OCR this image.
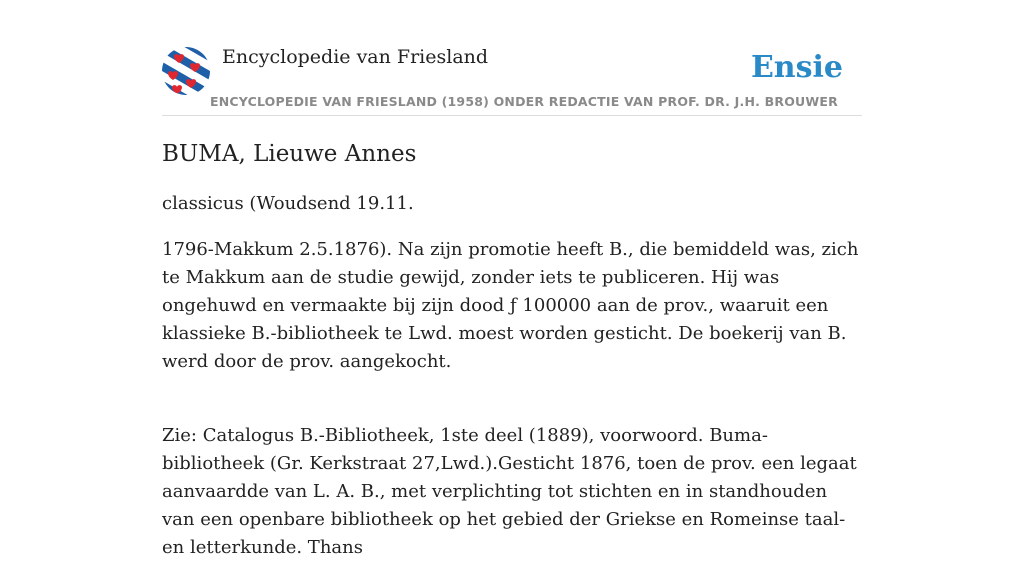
Encyclopedie van Friesland
ENCYCLOPEDIE VAN FRIESLAND (1958) ONDER REDACTIE VAN PROF. DR. J.H. BROUWER
Ensie
BUMA, Lieuwe Annes

classicus (Woudsend 19.11.

1796-Makkum 2.5.1876). Na zijn promotie heeft B., die bemiddeld was, zich te Makkum aan de studie gewijd, zonder iets te publiceren. Hij was ongehuwd en vermaakte bij zijn dood ƒ 100000 aan de prov., waaruit een klassieke B.-bibliotheek te Lwd. moest worden gesticht. De boekerij van B. werd door de prov. aangekocht.

Zie: Catalogus B.-Bibliotheek, 1ste deel (1889), voorwoord. Buma-bibliotheek (Gr. Kerkstraat 27,Lwd.).Gesticht 1876, toen de prov. een legaat aanvaardde van L. A. B., met verplichting tot stichten en in standhouden van een openbare bibliotheek op het gebied der Griekse en Romeinse taal- en letterkunde. Thans
